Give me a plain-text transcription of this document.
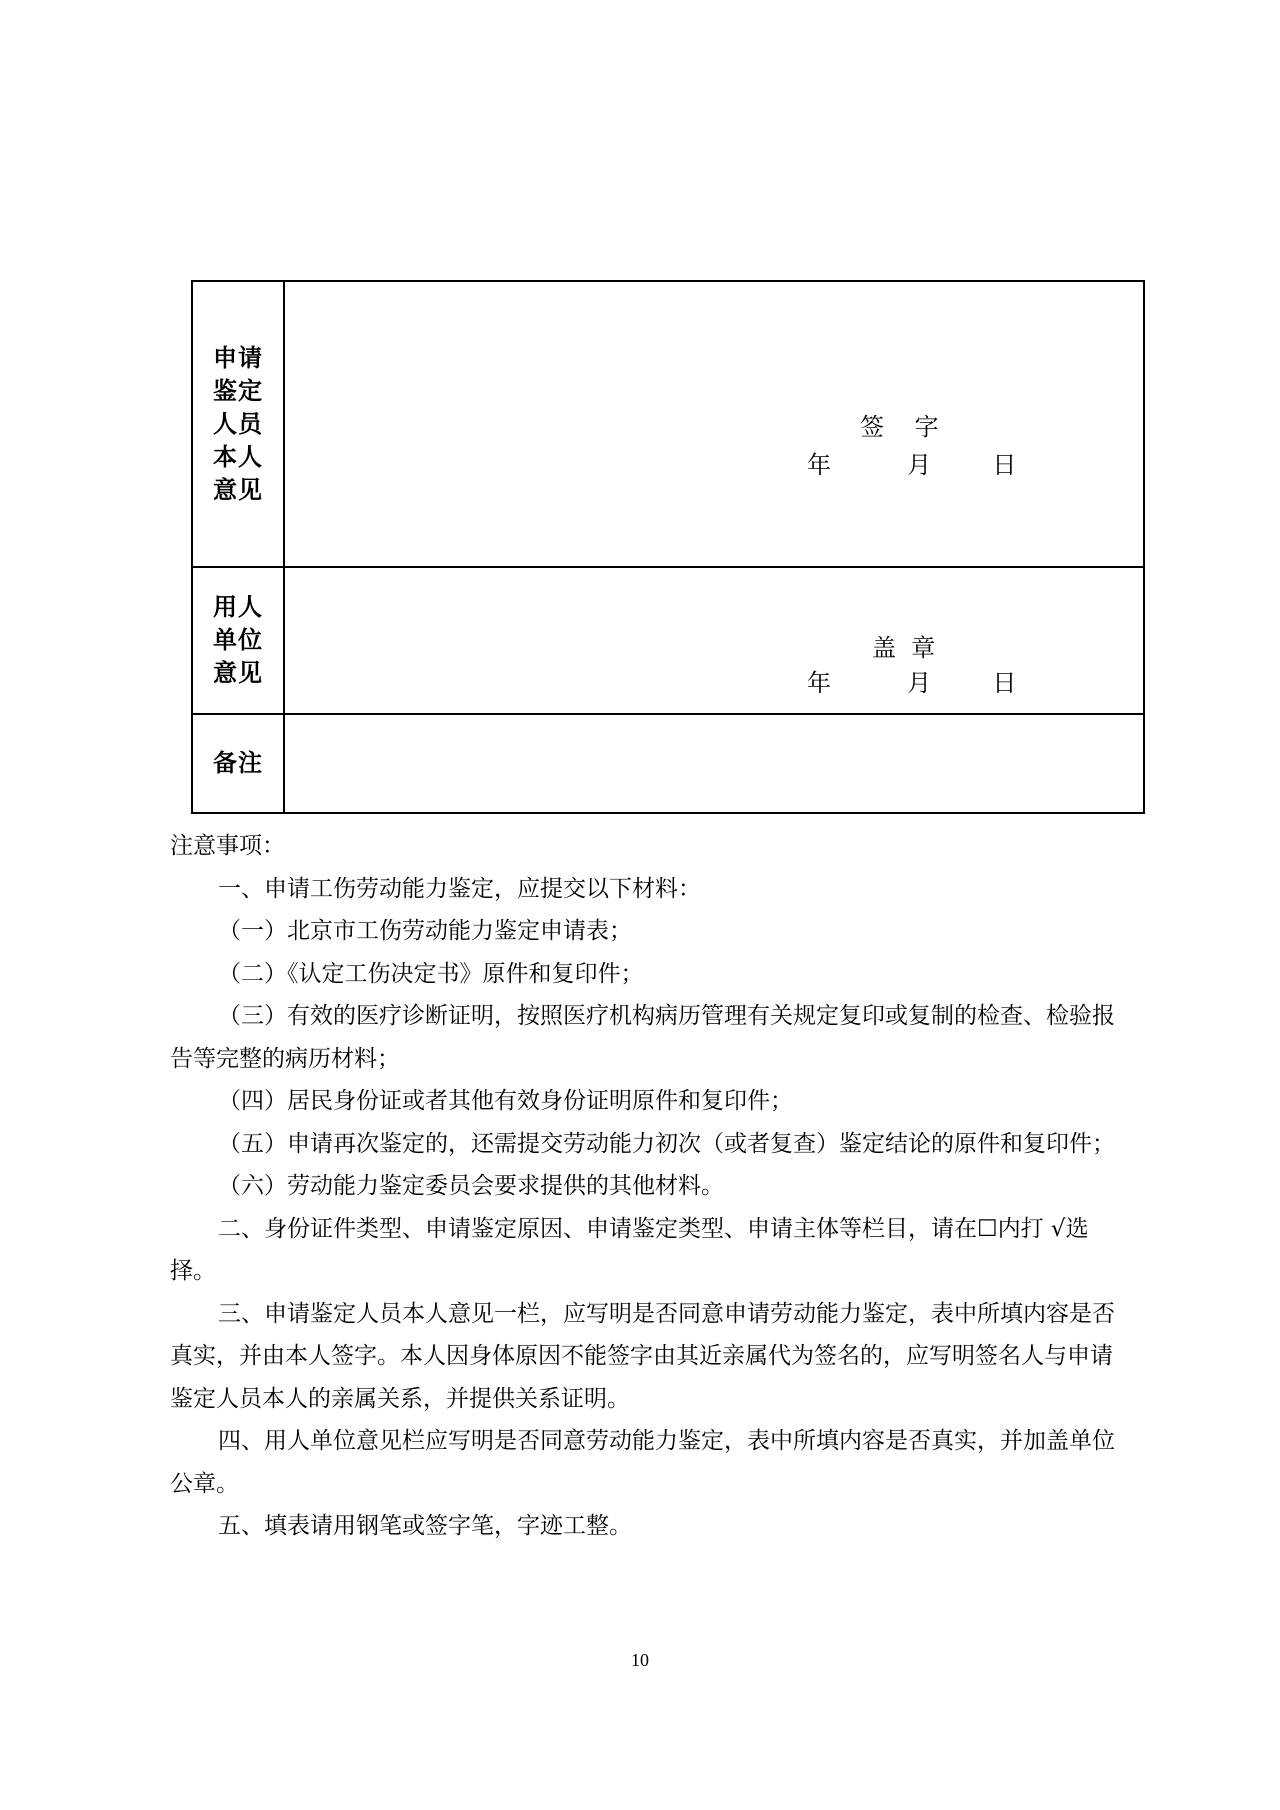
申请鉴定人员本人意见
用人单位意见
备注
签    字
年          月        日
盖  章
年          月        日

注意事项：

一、申请工伤劳动能力鉴定，应提交以下材料：

（一）北京市工伤劳动能力鉴定申请表；

（二）《认定工伤决定书》原件和复印件；

（三）有效的医疗诊断证明，按照医疗机构病历管理有关规定复印或复制的检查、检验报告等完整的病历材料；

（四）居民身份证或者其他有效身份证明原件和复印件；

（五）申请再次鉴定的，还需提交劳动能力初次（或者复查）鉴定结论的原件和复印件；

（六）劳动能力鉴定委员会要求提供的其他材料。

二、身份证件类型、申请鉴定原因、申请鉴定类型、申请主体等栏目，请在☐内打 √选择。

三、申请鉴定人员本人意见一栏，应写明是否同意申请劳动能力鉴定，表中所填内容是否真实，并由本人签字。本人因身体原因不能签字由其近亲属代为签名的，应写明签名人与申请鉴定人员本人的亲属关系，并提供关系证明。

四、用人单位意见栏应写明是否同意劳动能力鉴定，表中所填内容是否真实，并加盖单位公章。

五、填表请用钢笔或签字笔，字迹工整。

10
